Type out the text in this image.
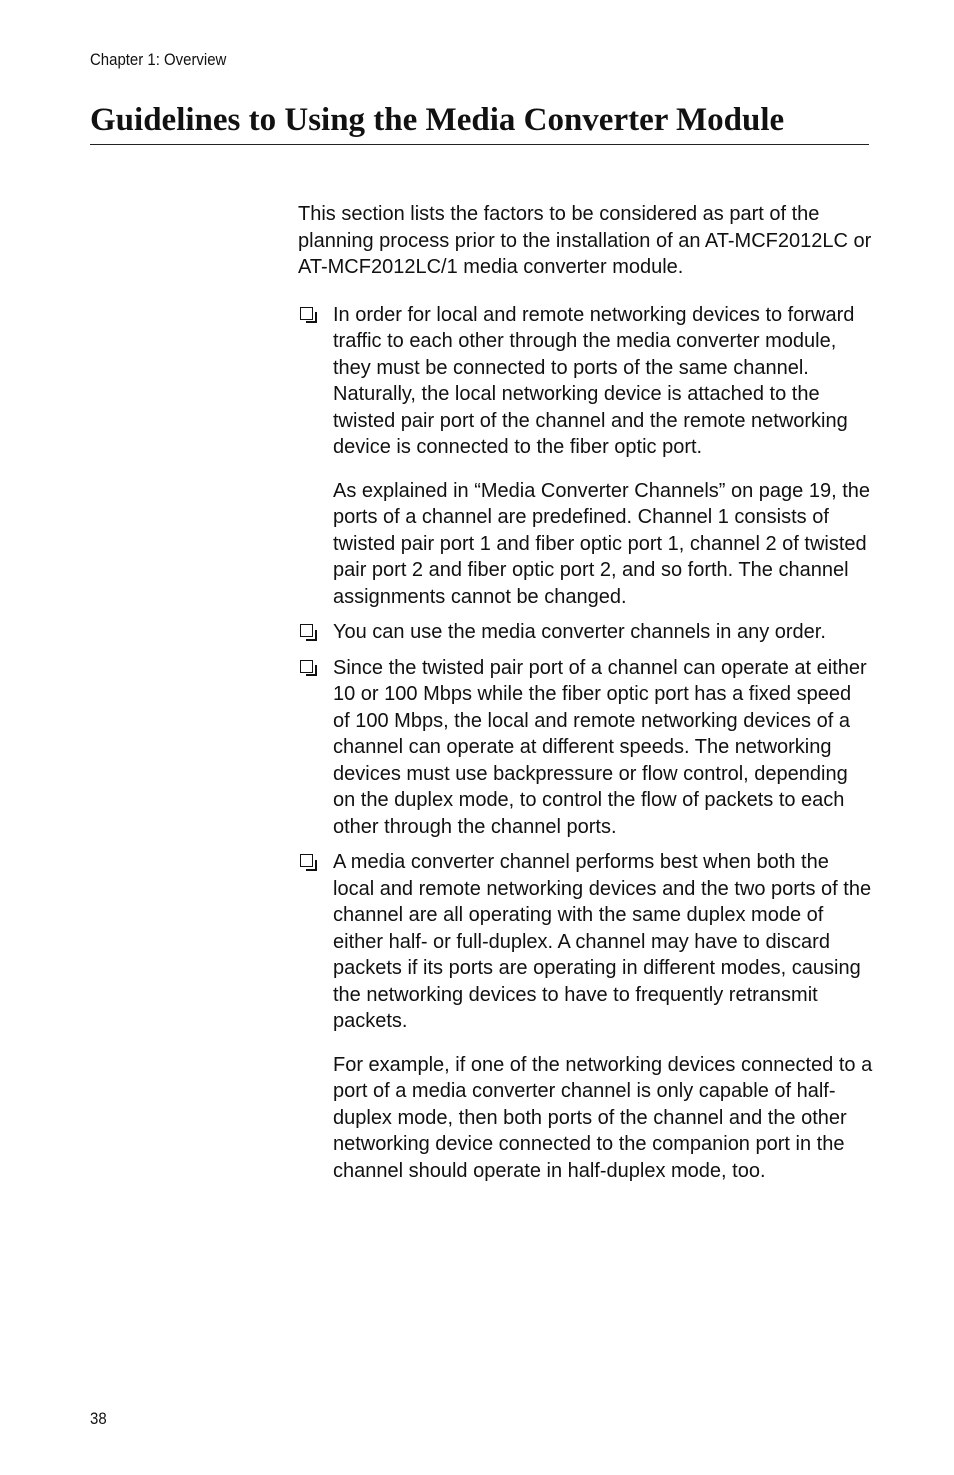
Chapter 1: Overview
Guidelines to Using the Media Converter Module

This section lists the factors to be considered as part of the planning process prior to the installation of an AT-MCF2012LC or AT-MCF2012LC/1 media converter module.

In order for local and remote networking devices to forward traffic to each other through the media converter module, they must be connected to ports of the same channel. Naturally, the local networking device is attached to the twisted pair port of the channel and the remote networking device is connected to the fiber optic port.

As explained in “Media Converter Channels” on page 19, the ports of a channel are predefined. Channel 1 consists of twisted pair port 1 and fiber optic port 1, channel 2 of twisted pair port 2 and fiber optic port 2, and so forth. The channel assignments cannot be changed.

You can use the media converter channels in any order.

Since the twisted pair port of a channel can operate at either 10 or 100 Mbps while the fiber optic port has a fixed speed of 100 Mbps, the local and remote networking devices of a channel can operate at different speeds. The networking devices must use backpressure or flow control, depending on the duplex mode, to control the flow of packets to each other through the channel ports.

A media converter channel performs best when both the local and remote networking devices and the two ports of the channel are all operating with the same duplex mode of either half- or full-duplex. A channel may have to discard packets if its ports are operating in different modes, causing the networking devices to have to frequently retransmit packets.

For example, if one of the networking devices connected to a port of a media converter channel is only capable of half-duplex mode, then both ports of the channel and the other networking device connected to the companion port in the channel should operate in half-duplex mode, too.

38
